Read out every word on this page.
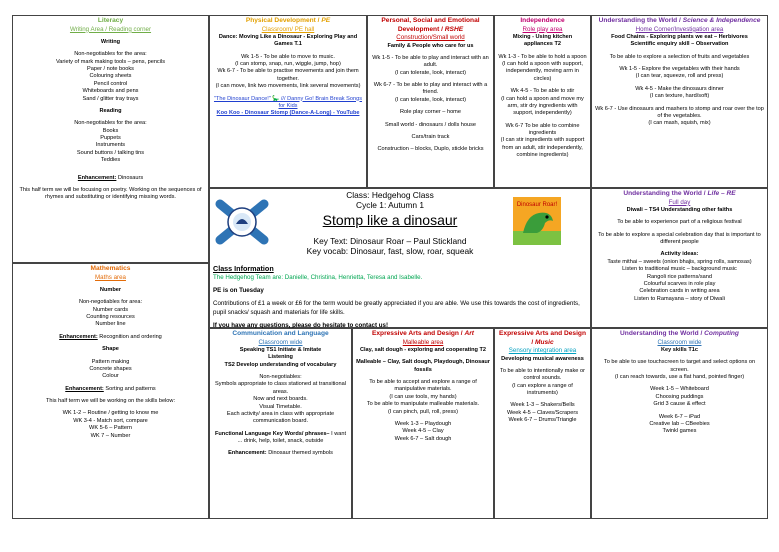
Literacy

Writing Area / Reading corner

Writing

Non-negotiables for the area:

Variety of mark making tools – pens, pencils

Paper / note books

Colouring sheets

Pencil control

Whiteboards and pens

Sand / glitter tray trays

Reading

Non-negotiables for the area:

Books

Puppets

Instruments

Sound buttons / talking tins

Teddies

Enhancement: Dinosaurs

This half term we will be focusing on poetry. Working on the sequences of rhymes and substituting or identifying missing words.

Physical Development / PE

Classroom/ PE hall

Dance: Moving Like a Dinosaur - Exploring Play and Games T.1

Wk 1-5 - To be able to move to music.

(I can stomp, snap, run, wiggle, jump, hop)

Wk 6-7 - To be able to practise movements and join them together.

(I can move, link two movements, link several movements)

"The Dinosaur Dance!" 🦕 /// Danny Go! Brain Break Songs for Kids

Koo Koo - Dinosaur Stomp (Dance-A-Long) - YouTube

Personal, Social and Emotional Development / RSHE

Construction/Small world

Family & People who care for us

Wk 1-5 - To be able to play and interact with an adult.

(I can tolerate, look, interact)

Wk 6-7 - To be able to play and interact with a friend.

(I can tolerate, look, interact)

Role play corner – home

Small world - dinosaurs / dolls house

Cars/train track

Construction – blocks, Duplo, stickle bricks

Independence

Role play area

Mixing - Using kitchen appliances T2

Wk 1-3 - To be able to hold a spoon

(I can hold a spoon with support, independently, moving arm in circles)

Wk 4-5 - To be able to stir

(I can hold a spoon and move my arm, stir dry ingredients with support, independently)

Wk 6-7 To be able to combine ingredients

(I can stir ingredients with support from an adult, stir independently, combine ingredients)

Understanding the World / Science & Independence

Home Corner/Investigation area

Food Chains - Exploring plants we eat – Herbivores

Scientific enquiry skill – Observation

To be able to explore a selection of fruits and vegetables

Wk 1-5 - Explore the vegetables with their hands

(I can tear, squeeze, roll and press)

Wk 4-5 - Make the dinosaurs dinner

(I can texture, hard/soft)

Wk 6-7 - Use dinosaurs and mashers to stomp and roar over the top of the vegetables.

(I can mash, squish, mix)

Class: Hedgehog Class

Cycle 1: Autumn 1

Stomp like a dinosaur

Key Text: Dinosaur Roar – Paul Stickland

Key vocab: Dinosaur, fast, slow, roar, squeak

Dinosaur Roar!

Class Information

The Hedgehog Team are: Danielle, Christina, Henrietta, Teresa and Isabelle.

PE is on Tuesday

Contributions of £1 a week or £6 for the term would be greatly appreciated if you are able. We use this towards the cost of ingredients, pupil snacks/ squash and materials for life skills.

If you have any questions, please do hesitate to contact us!

Understanding the World / Life – RE

Full day

Diwali – TS4 Understanding other faiths

To be able to experience part of a religious festival

To be able to explore a special celebration day that is important to different people

Activity ideas:

Taste mithai – sweets (onion bhajis, spring rolls, samosas)

Listen to traditional music – background music

Rangoli rice patterns/sand

Colourful scarves in role play

Celebration cards in writing area

Listen to Ramayana – story of Diwali

Mathematics

Maths area

Number

Non-negotiables for area:

Number cards

Counting resources

Number line

Enhancement: Recognition and ordering

Shape

Pattern making

Concrete shapes

Colour

Enhancement: Sorting and patterns

This half term we will be working on the skills below:

WK 1-2 – Routine / getting to know me

WK 3-4 - Match sort, compare

WK 5-6 – Pattern

WK 7 – Number

Communication and Language

Classroom wide

Speaking TS1 Initiate & Imitate

Listening

TS2 Develop understanding of vocabulary

Non-negotiables:

Symbols appropriate to class stationed at transitional areas.

Now and next boards.

Visual Timetable.

Each activity/ area in class with appropriate communication board.

Functional Language Key Words/ phrases– I want ... drink, help, toilet, snack, outside

Enhancement: Dinosaur themed symbols

Expressive Arts and Design / Art

Malleable area

Clay, salt dough - exploring and cooperating T2

Malleable – Clay, Salt dough, Playdough, Dinosaur fossils

To be able to accept and explore a range of manipulative materials.

(I can use tools, my hands)

To be able to manipulate malleable materials.

(I can pinch, pull, roll, press)

Week 1-3 – Playdough

Week 4-5 – Clay

Week 6-7 – Salt dough

Expressive Arts and Design / Music

Sensory integration area

Developing musical awareness

To be able to intentionally make or control sounds.

(I can explore a range of instruments)

Week 1-3 – Shakers/Bells

Week 4-5 – Claves/Scrapers

Week 6-7 – Drums/Triangle

Understanding the World / Computing

Classroom wide

Key skills T1c

To be able to use touchscreen to target and select options on screen.

(I can reach towards, use a flat hand, pointed finger)

Week 1-5 – Whiteboard

Choosing puddings

Grid 3 cause & effect

Week 6-7 – iPad

Creative lab – CBeebies

Twinkl games
